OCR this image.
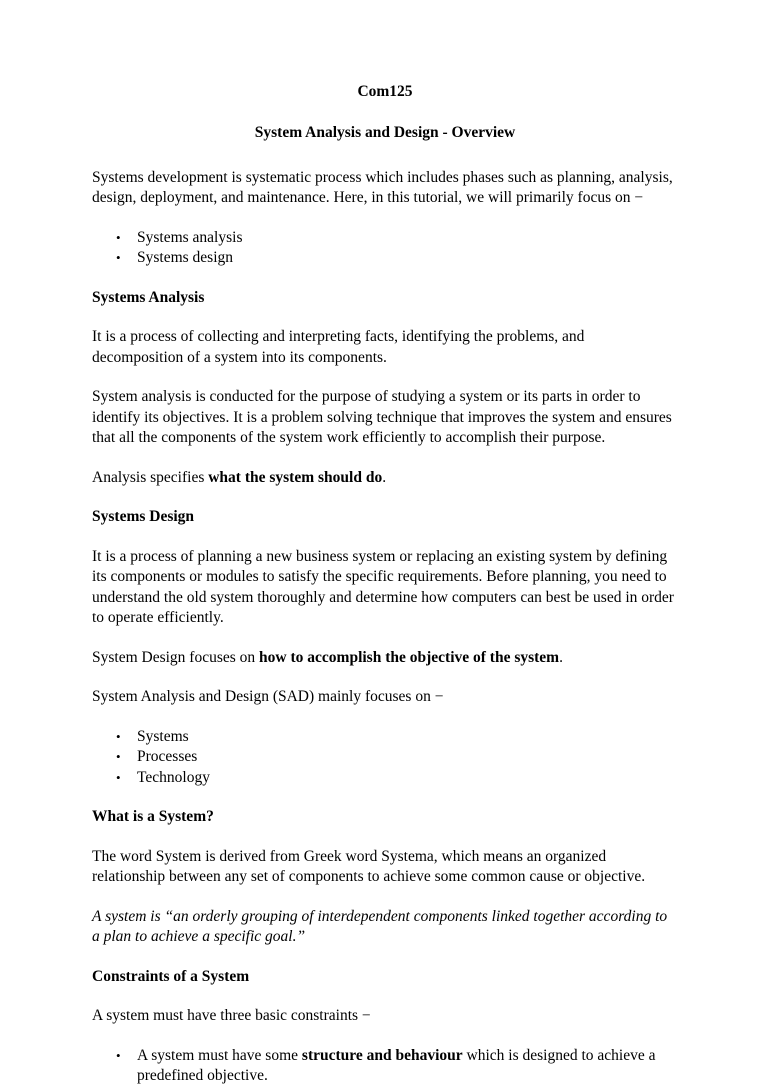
Com125
System Analysis and Design - Overview

Systems development is systematic process which includes phases such as planning, analysis, design, deployment, and maintenance. Here, in this tutorial, we will primarily focus on −

• Systems analysis
• Systems design
Systems Analysis

It is a process of collecting and interpreting facts, identifying the problems, and decomposition of a system into its components.

System analysis is conducted for the purpose of studying a system or its parts in order to identify its objectives. It is a problem solving technique that improves the system and ensures that all the components of the system work efficiently to accomplish their purpose.

Analysis specifies what the system should do.

Systems Design

It is a process of planning a new business system or replacing an existing system by defining its components or modules to satisfy the specific requirements. Before planning, you need to understand the old system thoroughly and determine how computers can best be used in order to operate efficiently.

System Design focuses on how to accomplish the objective of the system.

System Analysis and Design (SAD) mainly focuses on −

• Systems
• Processes
• Technology
What is a System?

The word System is derived from Greek word Systema, which means an organized relationship between any set of components to achieve some common cause or objective.

A system is “an orderly grouping of interdependent components linked together according to a plan to achieve a specific goal.”

Constraints of a System

A system must have three basic constraints −

• A system must have some structure and behaviour which is designed to achieve a predefined objective.
